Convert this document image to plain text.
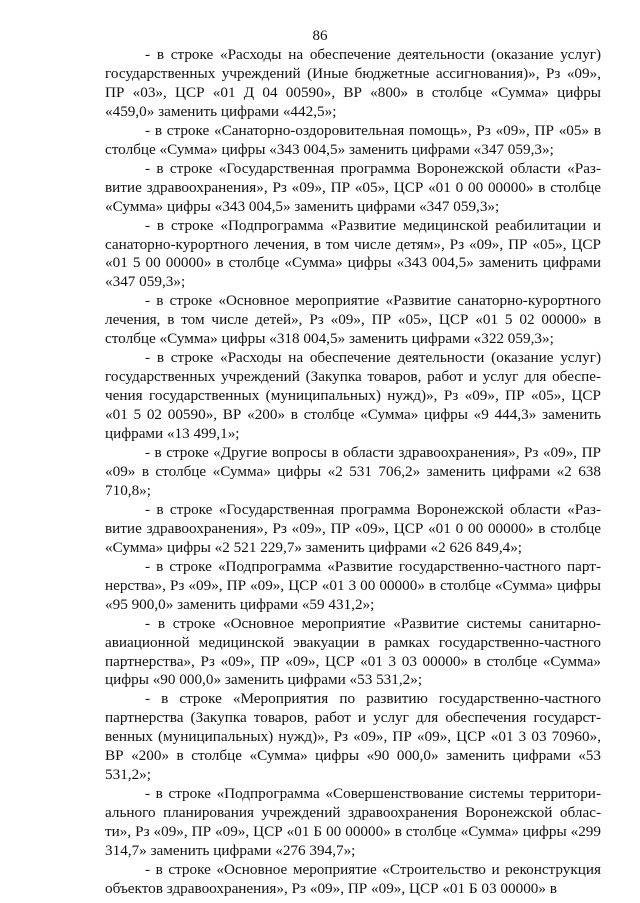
86

- в строке «Расходы на обеспечение деятельности (оказание услуг) государственных учреждений (Иные бюджетные ассигнования)», Рз «09», ПР «03», ЦСР «01 Д 04 00590», ВР «800» в столбце «Сумма» цифры «459,0» заменить цифрами «442,5»;

- в строке «Санаторно-оздоровительная помощь», Рз «09», ПР «05» в столбце «Сумма» цифры «343 004,5» заменить цифрами «347 059,3»;

- в строке «Государственная программа Воронежской области «Развитие здравоохранения», Рз «09», ПР «05», ЦСР «01 0 00 00000» в столбце «Сумма» цифры «343 004,5» заменить цифрами «347 059,3»;

- в строке «Подпрограмма «Развитие медицинской реабилитации и санаторно-курортного лечения, в том числе детям», Рз «09», ПР «05», ЦСР «01 5 00 00000» в столбце «Сумма» цифры «343 004,5» заменить цифрами «347 059,3»;

- в строке «Основное мероприятие «Развитие санаторно-курортного лечения, в том числе детей», Рз «09», ПР «05», ЦСР «01 5 02 00000» в столбце «Сумма» цифры «318 004,5» заменить цифрами «322 059,3»;

- в строке «Расходы на обеспечение деятельности (оказание услуг) государственных учреждений (Закупка товаров, работ и услуг для обеспечения государственных (муниципальных) нужд)», Рз «09», ПР «05», ЦСР «01 5 02 00590», ВР «200» в столбце «Сумма» цифры «9 444,3» заменить цифрами «13 499,1»;

- в строке «Другие вопросы в области здравоохранения», Рз «09», ПР «09» в столбце «Сумма» цифры «2 531 706,2» заменить цифрами «2 638 710,8»;

- в строке «Государственная программа Воронежской области «Развитие здравоохранения», Рз «09», ПР «09», ЦСР «01 0 00 00000» в столбце «Сумма» цифры «2 521 229,7» заменить цифрами «2 626 849,4»;

- в строке «Подпрограмма «Развитие государственно-частного партнерства», Рз «09», ПР «09», ЦСР «01 3 00 00000» в столбце «Сумма» цифры «95 900,0» заменить цифрами «59 431,2»;

- в строке «Основное мероприятие «Развитие системы санитарно-авиационной медицинской эвакуации в рамках государственно-частного партнерства», Рз «09», ПР «09», ЦСР «01 3 03 00000» в столбце «Сумма» цифры «90 000,0» заменить цифрами «53 531,2»;

- в строке «Мероприятия по развитию государственно-частного партнерства (Закупка товаров, работ и услуг для обеспечения государственных (муниципальных) нужд)», Рз «09», ПР «09», ЦСР «01 3 03 70960», ВР «200» в столбце «Сумма» цифры «90 000,0» заменить цифрами «53 531,2»;

- в строке «Подпрограмма «Совершенствование системы территориального планирования учреждений здравоохранения Воронежской области», Рз «09», ПР «09», ЦСР «01 Б 00 00000» в столбце «Сумма» цифры «299 314,7» заменить цифрами «276 394,7»;

- в строке «Основное мероприятие «Строительство и реконструкция объектов здравоохранения», Рз «09», ПР «09», ЦСР «01 Б 03 00000» в
